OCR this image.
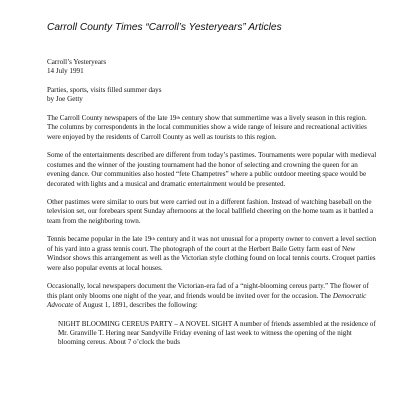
Carroll County Times “Carroll’s Yesteryears” Articles

Carroll’s Yesteryears

14 July 1991

Parties, sports, visits filled summer days

by Joe Getty

The Carroll County newspapers of the late 19th century show that summertime was a lively season in this region. The columns by correspondents in the local communities show a wide range of leisure and recreational activities were enjoyed by the residents of Carroll County as well as tourists to this region.

Some of the entertainments described are different from today’s pastimes. Tournaments were popular with medieval costumes and the winner of the jousting tournament had the honor of selecting and crowning the queen for an evening dance. Our communities also hosted “fete Champetres” where a public outdoor meeting space would be decorated with lights and a musical and dramatic entertainment would be presented.

Other pastimes were similar to ours but were carried out in a different fashion. Instead of watching baseball on the television set, our forebears spent Sunday afternoons at the local ballfield cheering on the home team as it battled a team from the neighboring town.

Tennis became popular in the late 19th century and it was not unusual for a property owner to convert a level section of his yard into a grass tennis court. The photograph of the court at the Herbert Baile Getty farm east of New Windsor shows this arrangement as well as the Victorian style clothing found on local tennis courts. Croquet parties were also popular events at local houses.

Occasionally, local newspapers document the Victorian-era fad of a “night-blooming cereus party.” The flower of this plant only blooms one night of the year, and friends would be invited over for the occasion. The Democratic Advocate of August 1, 1891, describes the following:

NIGHT BLOOMING CEREUS PARTY – A NOVEL SIGHT A number of friends assembled at the residence of Mr. Granville T. Hering near Sandyville Friday evening of last week to witness the opening of the night blooming cereus. About 7 o’clock the buds
